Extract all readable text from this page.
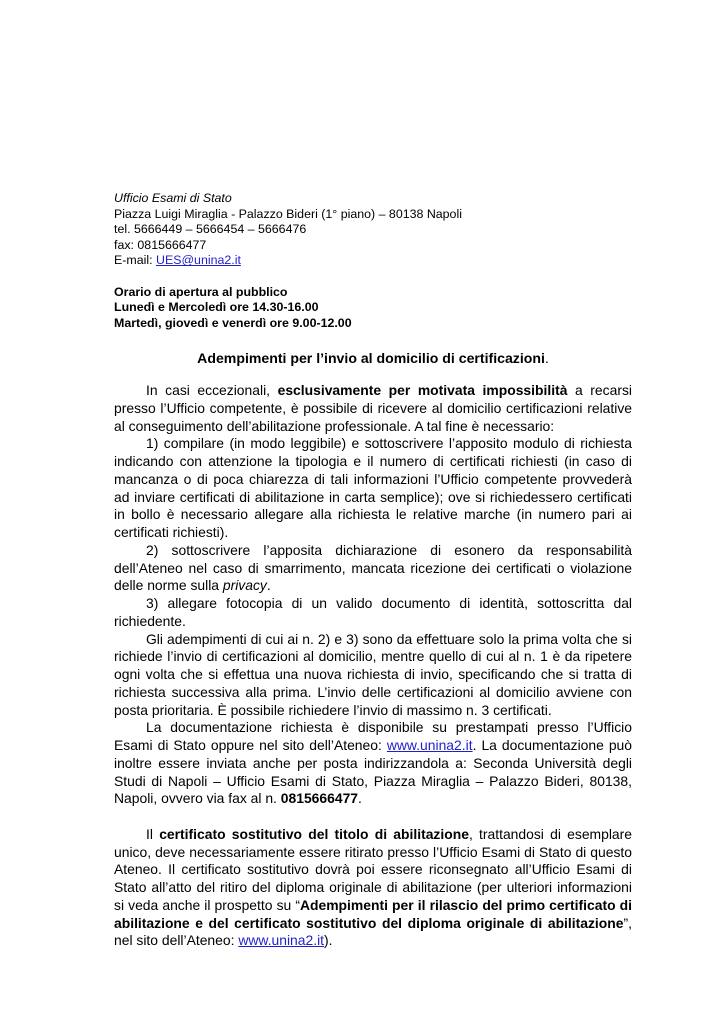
Ufficio Esami di Stato
Piazza Luigi Miraglia - Palazzo Bideri (1° piano) – 80138 Napoli
tel. 5666449 – 5666454 – 5666476
fax: 0815666477
E-mail: UES@unina2.it
Orario di apertura al pubblico
Lunedì e Mercoledì ore 14.30-16.00
Martedì, giovedì e venerdì ore 9.00-12.00
Adempimenti per l’invio al domicilio di certificazioni.

In casi eccezionali, esclusivamente per motivata impossibilità a recarsi presso l’Ufficio competente, è possibile di ricevere al domicilio certificazioni relative al conseguimento dell’abilitazione professionale. A tal fine è necessario:

1) compilare (in modo leggibile) e sottoscrivere l’apposito modulo di richiesta indicando con attenzione la tipologia e il numero di certificati richiesti (in caso di mancanza o di poca chiarezza di tali informazioni l’Ufficio competente provvederà ad inviare certificati di abilitazione in carta semplice); ove si richiedessero certificati in bollo è necessario allegare alla richiesta le relative marche (in numero pari ai certificati richiesti).

2) sottoscrivere l’apposita dichiarazione di esonero da responsabilità dell’Ateneo nel caso di smarrimento, mancata ricezione dei certificati o violazione delle norme sulla privacy.

3) allegare fotocopia di un valido documento di identità, sottoscritta dal richiedente.

Gli adempimenti di cui ai n. 2) e 3) sono da effettuare solo la prima volta che si richiede l’invio di certificazioni al domicilio, mentre quello di cui al n. 1 è da ripetere ogni volta che si effettua una nuova richiesta di invio, specificando che si tratta di richiesta successiva alla prima. L’invio delle certificazioni al domicilio avviene con posta prioritaria. È possibile richiedere l’invio di massimo n. 3 certificati.

La documentazione richiesta è disponibile su prestampati presso l’Ufficio Esami di Stato oppure nel sito dell’Ateneo: www.unina2.it. La documentazione può inoltre essere inviata anche per posta indirizzandola a: Seconda Università degli Studi di Napoli – Ufficio Esami di Stato, Piazza Miraglia – Palazzo Bideri, 80138, Napoli, ovvero via fax al n. 0815666477.

Il certificato sostitutivo del titolo di abilitazione, trattandosi di esemplare unico, deve necessariamente essere ritirato presso l’Ufficio Esami di Stato di questo Ateneo. Il certificato sostitutivo dovrà poi essere riconsegnato all’Ufficio Esami di Stato all’atto del ritiro del diploma originale di abilitazione (per ulteriori informazioni si veda anche il prospetto su “Adempimenti per il rilascio del primo certificato di abilitazione e del certificato sostitutivo del diploma originale di abilitazione”, nel sito dell’Ateneo: www.unina2.it).
